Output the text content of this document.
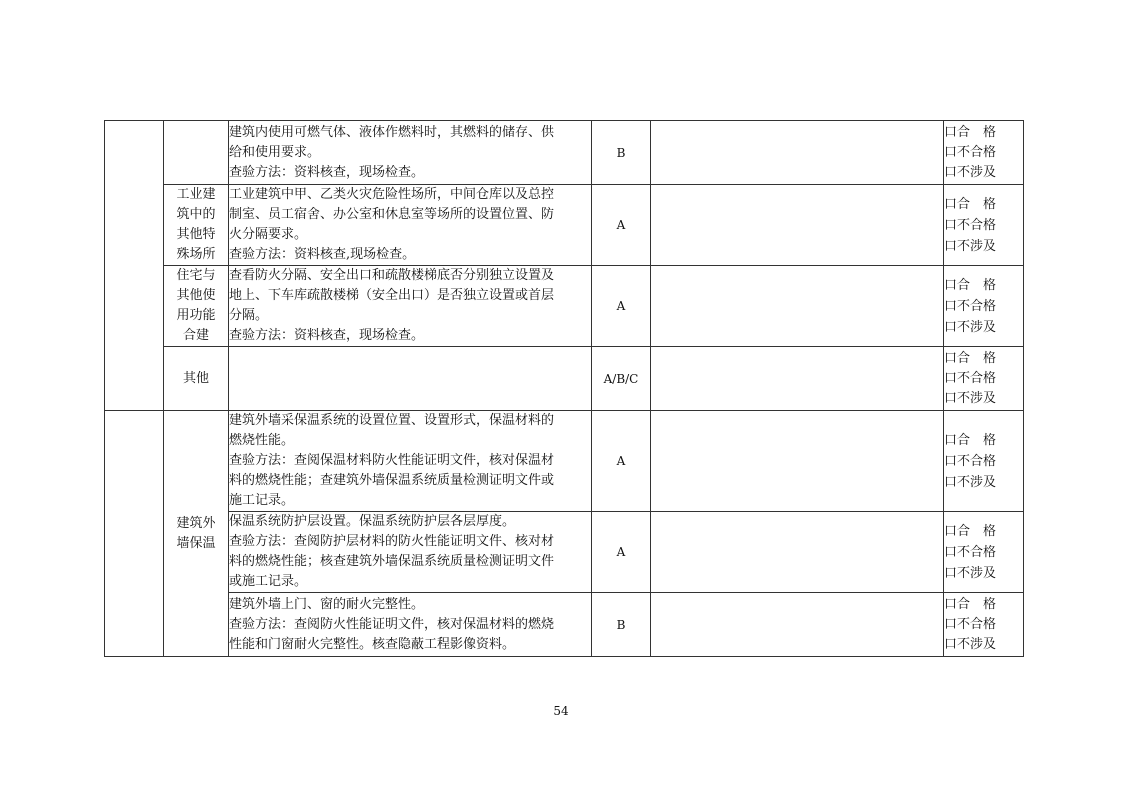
		建筑内使用可燃气体、液体作燃料时，其燃料的储存、供
给和使用要求。
查验方法：资料核查，现场检查。	B		口合　格
口不合格
口不涉及

	工业建
筑中的
其他特
殊场所	工业建筑中甲、乙类火灾危险性场所，中间仓库以及总控
制室、员工宿舍、办公室和休息室等场所的设置位置、防
火分隔要求。
查验方法：资料核查,现场检查。	A		口合　格
口不合格
口不涉及

	住宅与
其他使
用功能
合建	查看防火分隔、安全出口和疏散楼梯底否分别独立设置及
地上、下车库疏散楼梯（安全出口）是否独立设置或首层
分隔。
查验方法：资料核查，现场检查。	A		口合　格
口不合格
口不涉及

	其他		A/B/C		口合　格
口不合格
口不涉及

	建筑外
墙保温	建筑外墙采保温系统的设置位置、设置形式，保温材料的
燃烧性能。
查验方法：查阅保温材料防火性能证明文件，核对保温材
料的燃烧性能；查建筑外墙保温系统质量检测证明文件或
施工记录。	A		口合　格
口不合格
口不涉及

		保温系统防护层设置。保温系统防护层各层厚度。
查验方法：查阅防护层材料的防火性能证明文件、核对材
料的燃烧性能；核查建筑外墙保温系统质量检测证明文件
或施工记录。	A		口合　格
口不合格
口不涉及

		建筑外墙上门、窗的耐火完整性。
查验方法：查阅防火性能证明文件，核对保温材料的燃烧
性能和门窗耐火完整性。核查隐蔽工程影像资料。	B		口合　格
口不合格
口不涉及
54
